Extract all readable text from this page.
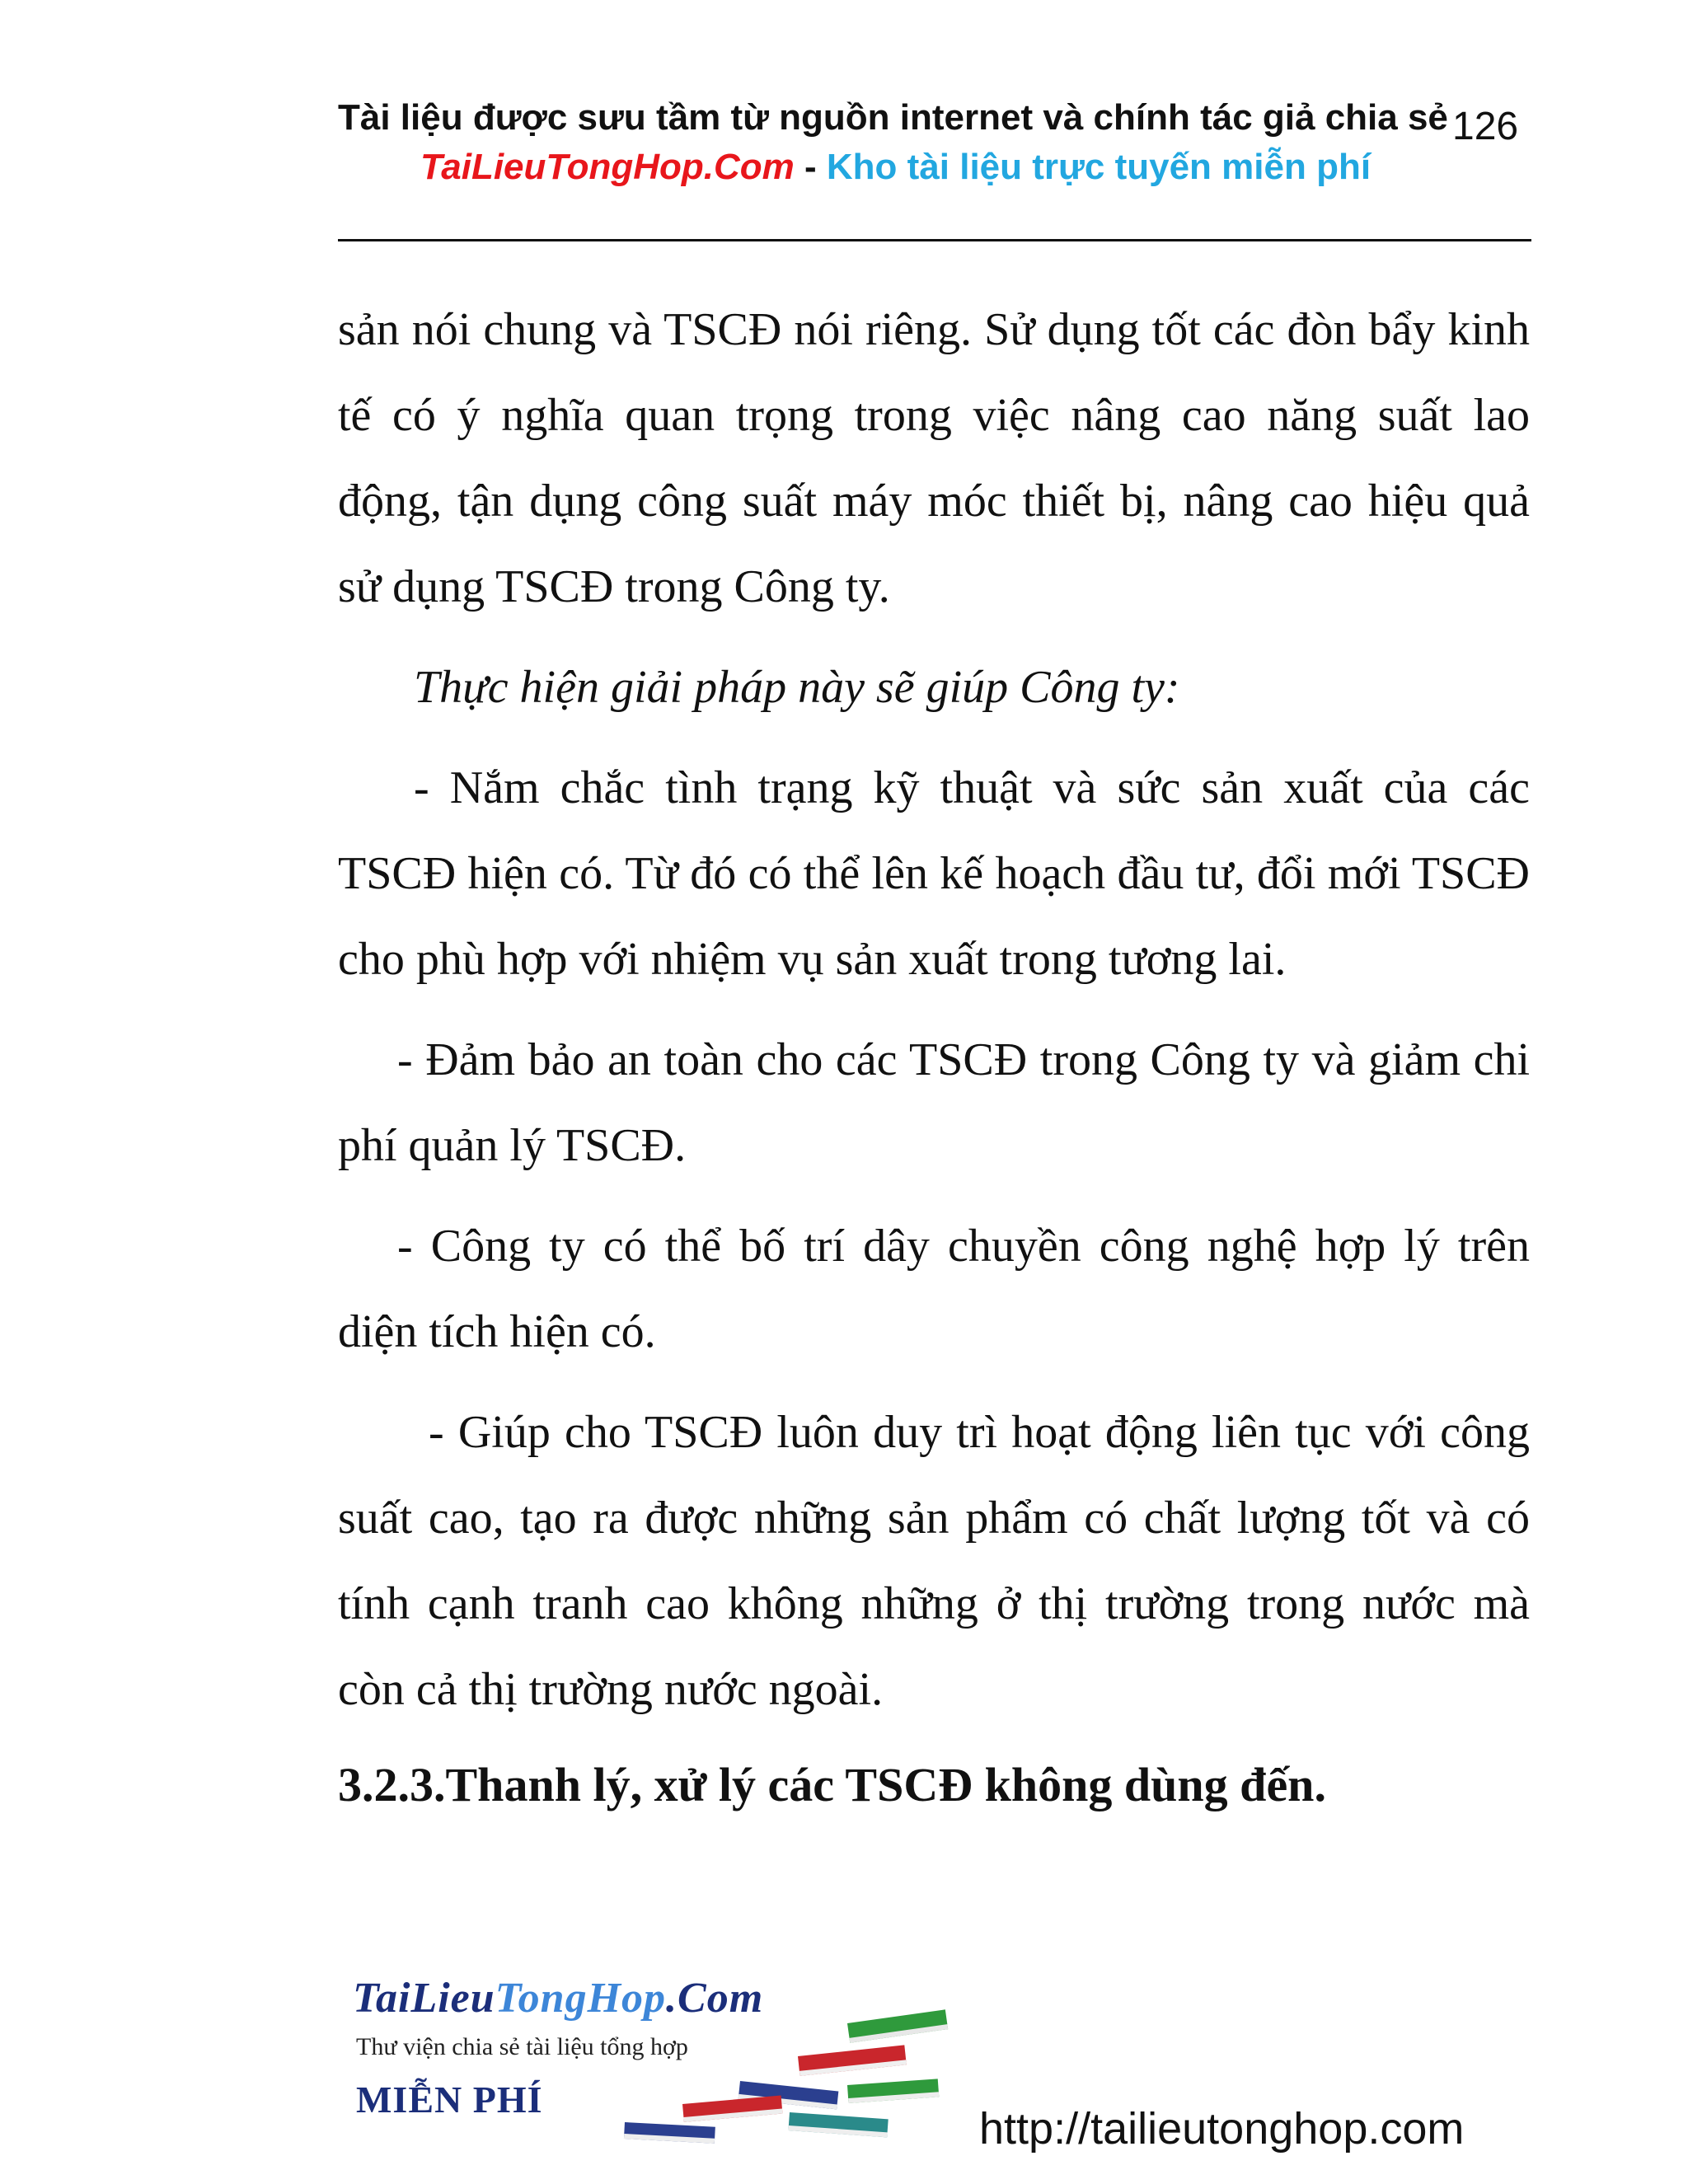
Tài liệu được sưu tầm từ nguồn internet và chính tác giả chia sẻ 126
TaiLieuTongHop.Com - Kho tài liệu trực tuyến miễn phí

sản nói chung và TSCĐ nói riêng. Sử dụng tốt các đòn bẩy kinh tế có ý nghĩa quan trọng trong việc nâng cao năng suất lao động, tận dụng công suất máy móc thiết bị, nâng cao hiệu quả sử dụng TSCĐ trong Công ty.

Thực hiện giải pháp này sẽ giúp Công ty:

- Nắm chắc tình trạng kỹ thuật và sức sản xuất của các TSCĐ hiện có. Từ đó có thể lên kế hoạch đầu tư, đổi mới TSCĐ cho phù hợp với nhiệm vụ sản xuất trong tương lai.

- Đảm bảo an toàn cho các TSCĐ trong Công ty và giảm chi phí quản lý TSCĐ.

- Công ty có thể bố trí dây chuyền công nghệ hợp lý trên diện tích hiện có.

- Giúp cho TSCĐ luôn duy trì hoạt động liên tục với công suất cao, tạo ra được những sản phẩm có chất lượng tốt và có tính cạnh tranh cao không những ở thị trường trong nước mà còn cả thị trường nước ngoài.

3.2.3.Thanh lý, xử lý các TSCĐ không dùng đến.

TaiLieuTongHop.Com
Thư viện chia sẻ tài liệu tổng hợp
MIỄN PHÍ
http://tailieutonghop.com
